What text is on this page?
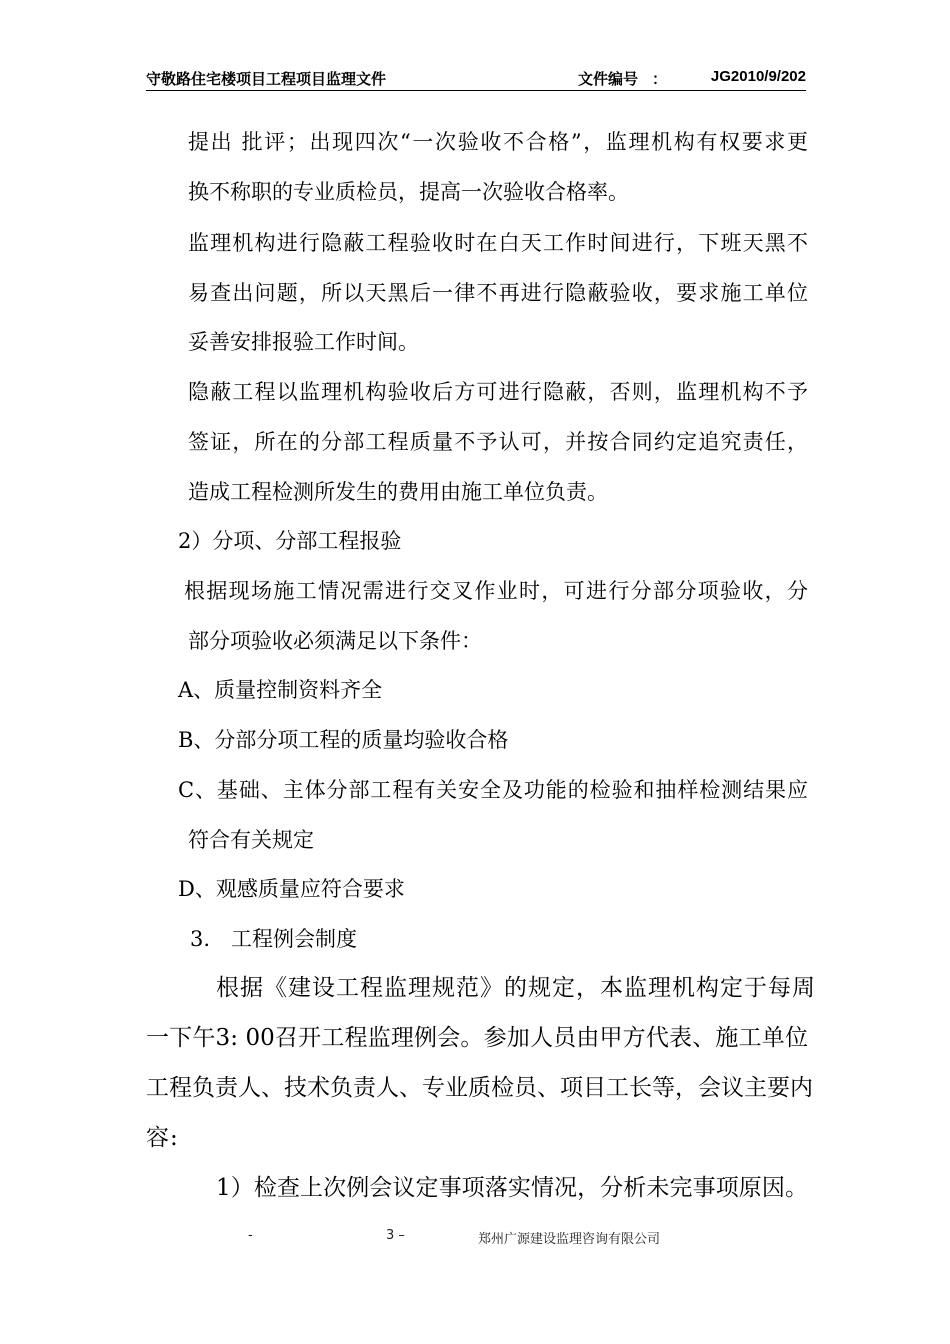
守敬路住宅楼项目工程项目监理文件	文件编号 ：	JG2010/9/202
提出 批评；出现四次“一次验收不合格”，监理机构有权要求更
换不称职的专业质检员，提高一次验收合格率。
监理机构进行隐蔽工程验收时在白天工作时间进行，下班天黑不
易查出问题，所以天黑后一律不再进行隐蔽验收，要求施工单位
妥善安排报验工作时间。
隐蔽工程以监理机构验收后方可进行隐蔽，否则，监理机构不予
签证，所在的分部工程质量不予认可，并按合同约定追究责任，
造成工程检测所发生的费用由施工单位负责。
2）分项、分部工程报验
根据现场施工情况需进行交叉作业时，可进行分部分项验收，分
部分项验收必须满足以下条件：
A、质量控制资料齐全
B、分部分项工程的质量均验收合格
C、基础、主体分部工程有关安全及功能的检验和抽样检测结果应
符合有关规定
D、观感质量应符合要求
3.　工程例会制度
根据《建设工程监理规范》的规定，本监理机构定于每周
一下午3: 00召开工程监理例会。参加人员由甲方代表、施工单位
工程负责人、技术负责人、专业质检员、项目工长等，会议主要内
容:
1）检查上次例会议定事项落实情况，分析未完事项原因。
-	3 –	郑州广源建设监理咨询有限公司
